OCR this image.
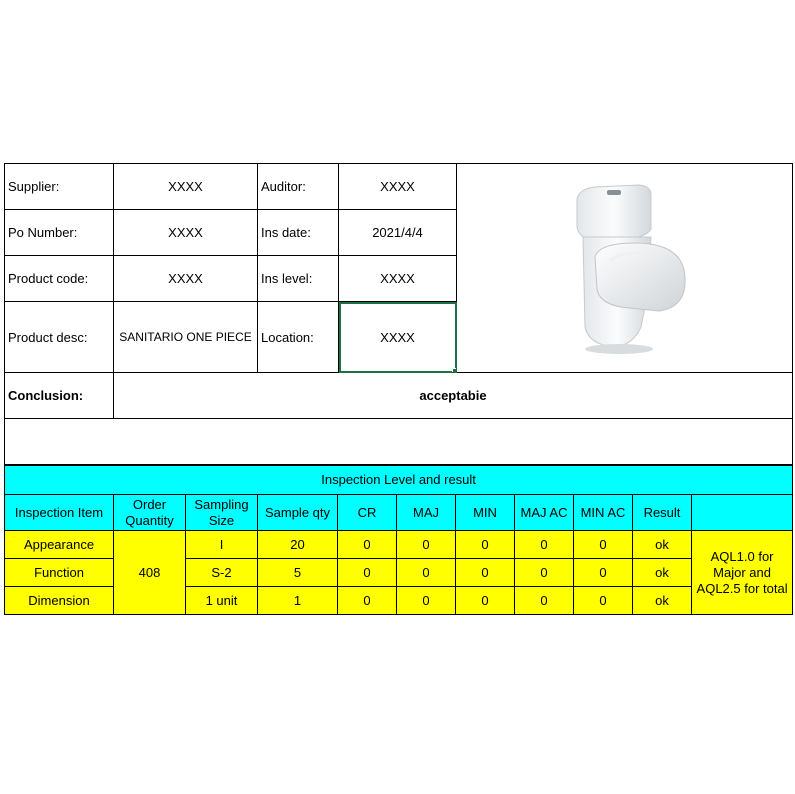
Supplier:	XXXX	Auditor:	XXXX	
Po Number:	XXXX	Ins date:	2021/4/4	
Product code:	XXXX	Ins level:	XXXX	
Product desc:	SANITARIO ONE PIECE	Location:	XXXX	

Conclusion:	acceptabie			

Inspection Level and result										
Inspection Item	Order Quantity	Sampling Size	Sample qty	CR	MAJ	MIN	MAJ AC	MIN AC	Result	
Appearance	408	I	20	0	0	0	0	0	ok	AQL1.0 for Major and AQL2.5 for total
Function		S-2	5	0	0	0	0	0	ok	
Dimension		1 unit	1	0	0	0	0	0	ok	
